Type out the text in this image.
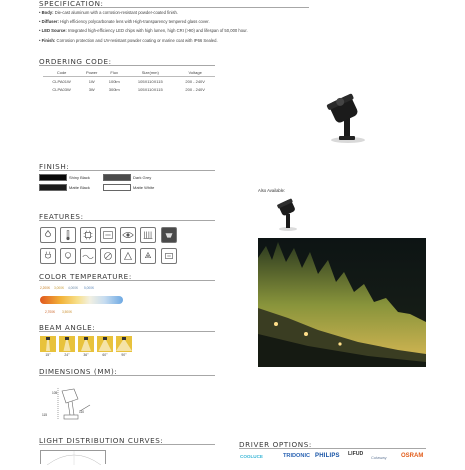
SPECIFICATION:
• Body: Die-cast aluminum with a corrosion-resistant powder-coated finish.
• Diffuser: High efficiency polycarbonate lens with High-transparency tempered glass cover.
• LED Source: Integrated high-efficiency LED chips with high lumen, high CRI (>90) and lifespan of 50,000 hour.
• Finish: Corrosion protection and UV-resistant powder coating or marine coat with IP66 Sealed.
ORDERING CODE:
Code	Power	Flux	Size(mm)	Voltage
CLPA01W	1W	100lm	105X110X115	200 - 240V
CLPA03W	3W	300lm	105X110X115	200 - 240V
FINISH:
Shiny Black	Dark Grey
Matte Black	Matte White
Also Available:
FEATURES:
COLOR TEMPERATURE:
2,200K 3,000K 4,000K 5,000K
2,700K 3,500K
BEAM ANGLE:
15°	24°	36°	60°	90°
DIMENSIONS (MM):
105
110
115
LIGHT DISTRIBUTION CURVES:	DRIVER OPTIONS:
COOLUCE	TRIDONIC PHILIPS LIFUD
Cutaway OSRAM
